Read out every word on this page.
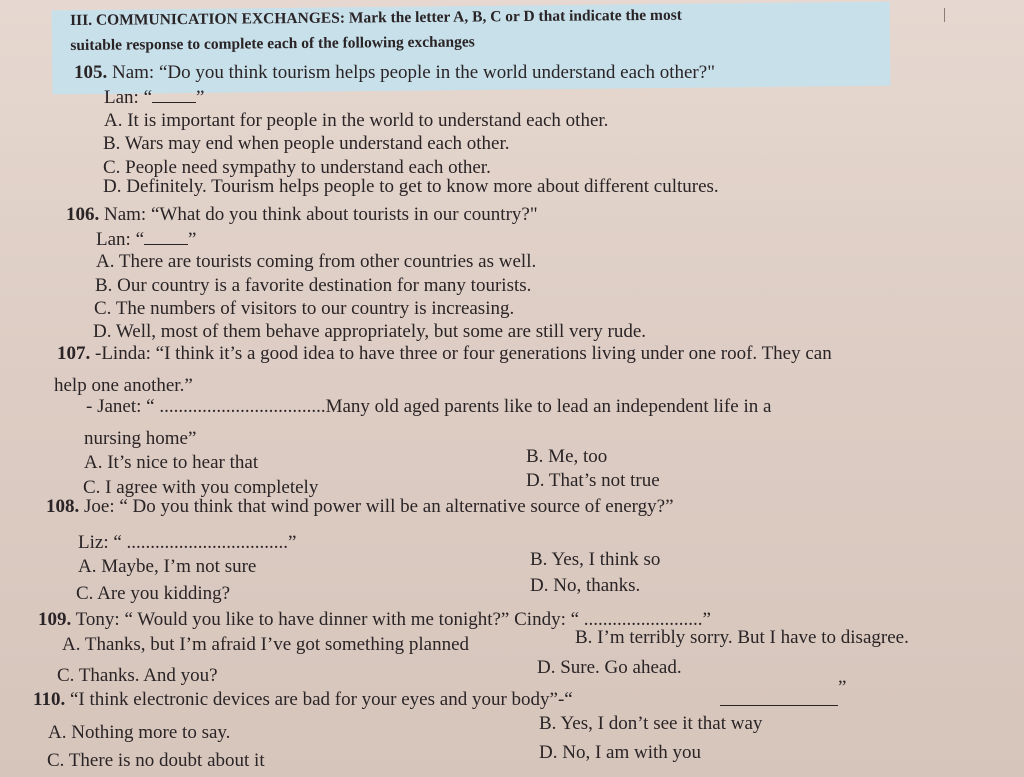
III. COMMUNICATION EXCHANGES: Mark the letter A, B, C or D that indicate the most
suitable response to complete each of the following exchanges
105. Nam: “Do you think tourism helps people in the world understand each other?"
Lan: “ ”
A. It is important for people in the world to understand each other.
B. Wars may end when people understand each other.
C. People need sympathy to understand each other.
D. Definitely. Tourism helps people to get to know more about different cultures.
106. Nam: “What do you think about tourists in our country?"
Lan: “ ”
A. There are tourists coming from other countries as well.
B. Our country is a favorite destination for many tourists.
C. The numbers of visitors to our country is increasing.
D. Well, most of them behave appropriately, but some are still very rude.
107. -Linda: “I think it’s a good idea to have three or four generations living under one roof. They can
help one another.”
- Janet: “ ...................................Many old aged parents like to lead an independent life in a
nursing home”
A. It’s nice to hear that	B. Me, too
C. I agree with you completely	D. That’s not true
108. Joe: “ Do you think that wind power will be an alternative source of energy?”
Liz: “ ..................................”
A. Maybe, I’m not sure	B. Yes, I think so
C. Are you kidding?	D. No, thanks.
109. Tony: “ Would you like to have dinner with me tonight?” Cindy: “ .........................”
A. Thanks, but I’m afraid I’ve got something planned	B. I’m terribly sorry. But I have to disagree.
C. Thanks. And you?	D. Sure. Go ahead.
110. “I think electronic devices are bad for your eyes and your body”-“
”
A. Nothing more to say.	B. Yes, I don’t see it that way
C. There is no doubt about it	D. No, I am with you
